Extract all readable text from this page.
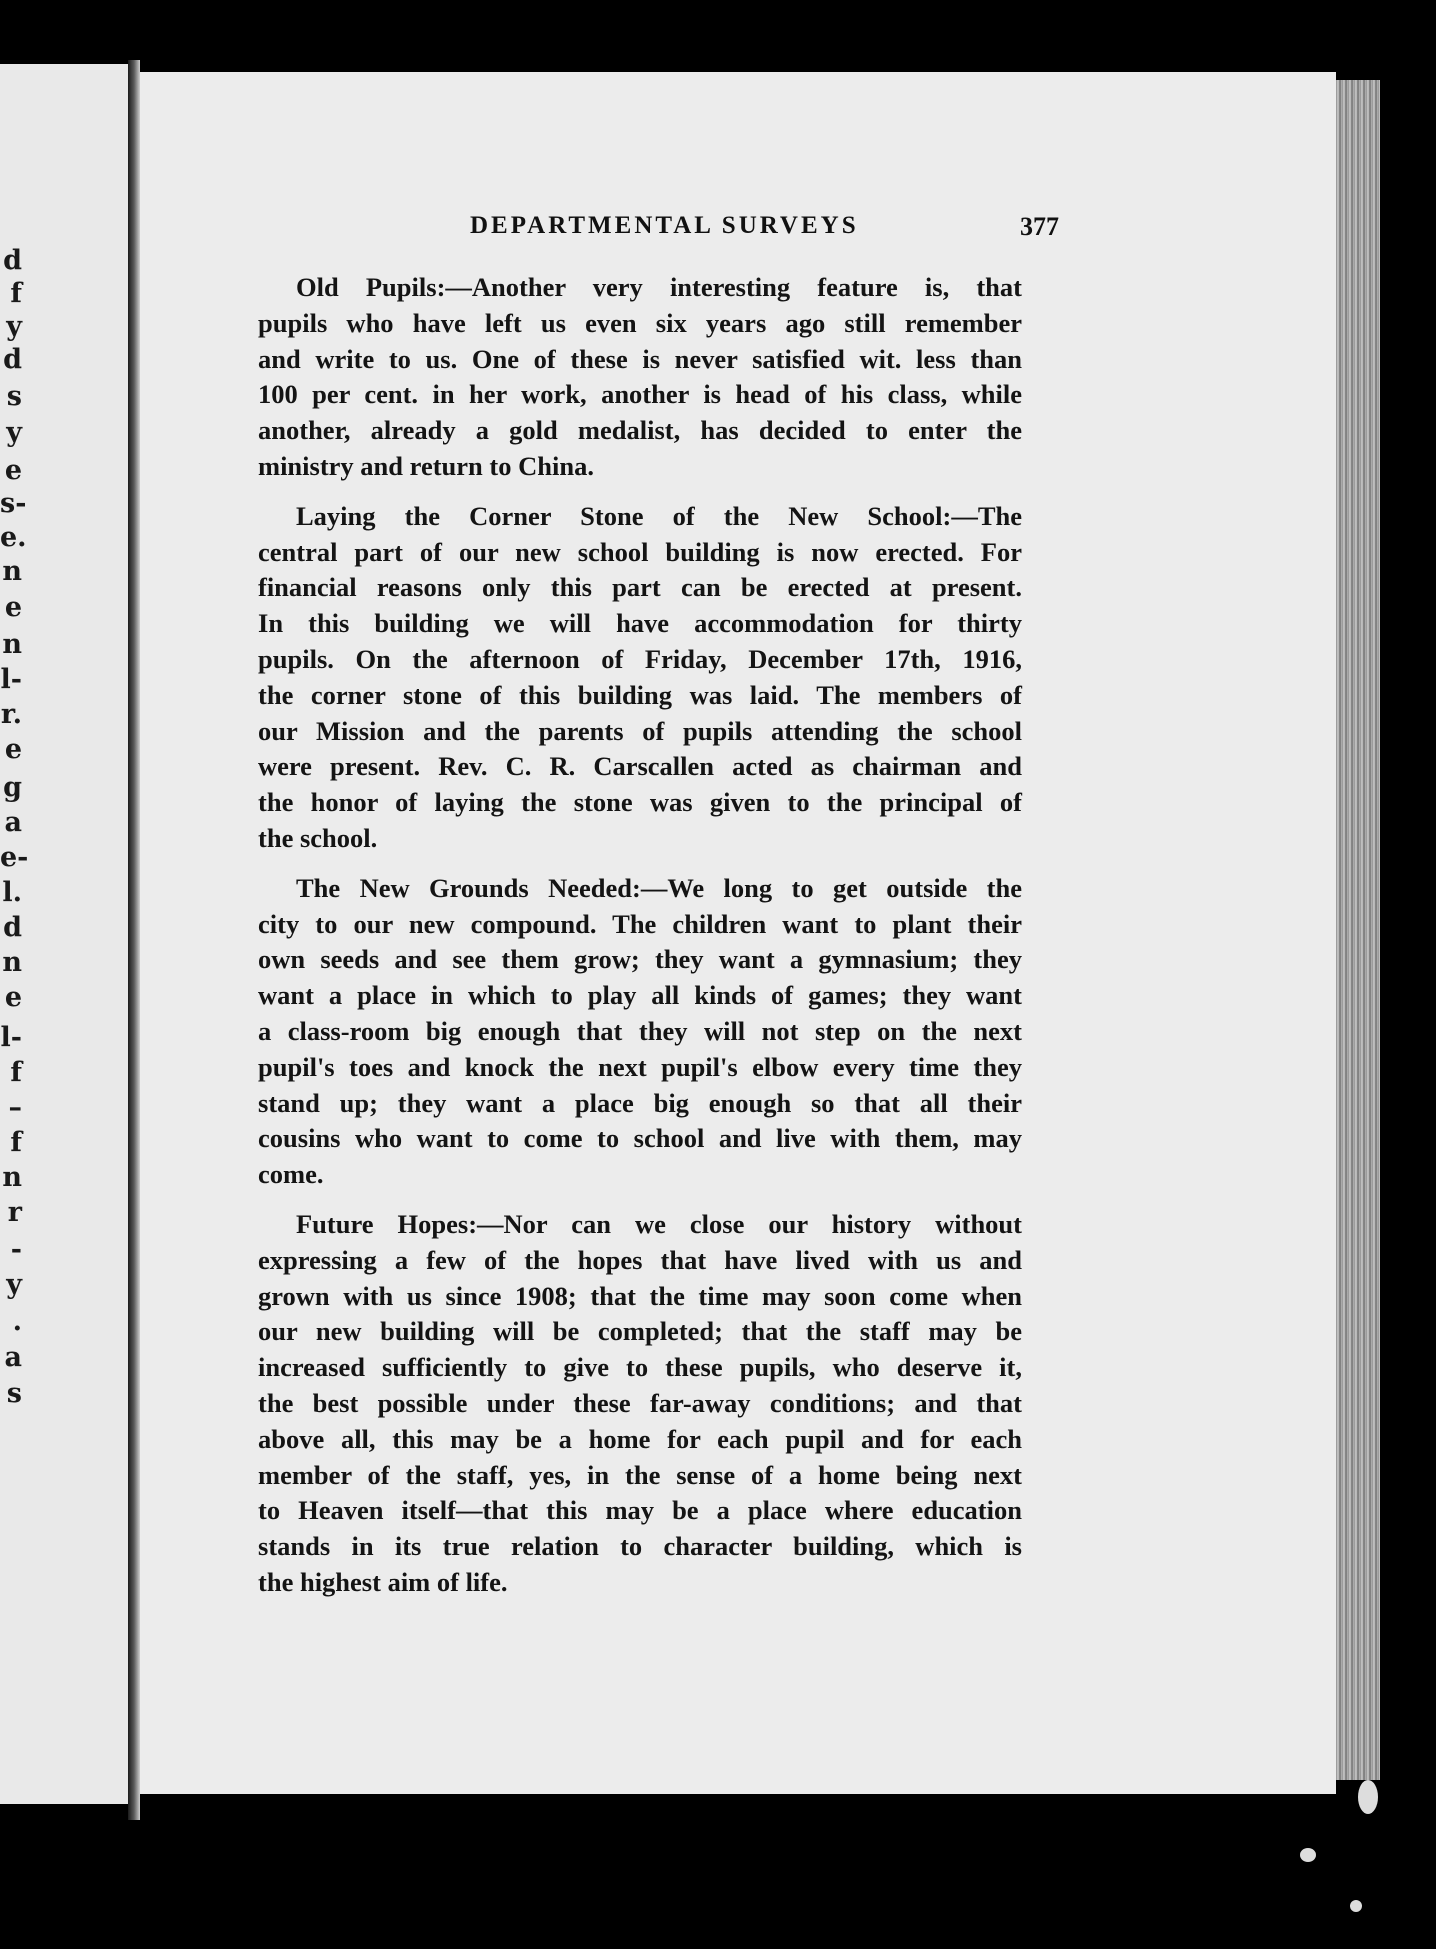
d
f
y
d
s
y
e
s-
e.
n
e
n
l-
r.
e
g
a
e-
l.
d
n
e
l-
f
–
f
n
r
-
y
.
a
s
DEPARTMENTAL SURVEYS	377
Old Pupils:—Another very interesting feature is, that
pupils who have left us even six years ago still remember
and write to us. One of these is never satisfied wit. less than
100 per cent. in her work, another is head of his class, while
another, already a gold medalist, has decided to enter the
ministry and return to China.
Laying the Corner Stone of the New School:—The
central part of our new school building is now erected. For
financial reasons only this part can be erected at present.
In this building we will have accommodation for thirty
pupils. On the afternoon of Friday, December 17th, 1916,
the corner stone of this building was laid. The members of
our Mission and the parents of pupils attending the school
were present. Rev. C. R. Carscallen acted as chairman and
the honor of laying the stone was given to the principal of
the school.
The New Grounds Needed:—We long to get outside the
city to our new compound. The children want to plant their
own seeds and see them grow; they want a gymnasium; they
want a place in which to play all kinds of games; they want
a class-room big enough that they will not step on the next
pupil's toes and knock the next pupil's elbow every time they
stand up; they want a place big enough so that all their
cousins who want to come to school and live with them, may
come.
Future Hopes:—Nor can we close our history without
expressing a few of the hopes that have lived with us and
grown with us since 1908; that the time may soon come when
our new building will be completed; that the staff may be
increased sufficiently to give to these pupils, who deserve it,
the best possible under these far-away conditions; and that
above all, this may be a home for each pupil and for each
member of the staff, yes, in the sense of a home being next
to Heaven itself—that this may be a place where education
stands in its true relation to character building, which is
the highest aim of life.
